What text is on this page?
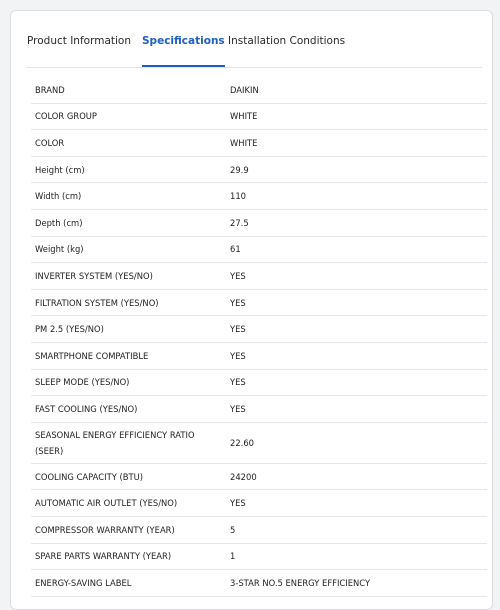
Product Information Specifications Installation Conditions
BRAND	DAIKIN
COLOR GROUP	WHITE
COLOR	WHITE
Height (cm)	29.9
Width (cm)	110
Depth (cm)	27.5
Weight (kg)	61
INVERTER SYSTEM (YES/NO)	YES
FILTRATION SYSTEM (YES/NO)	YES
PM 2.5 (YES/NO)	YES
SMARTPHONE COMPATIBLE	YES
SLEEP MODE (YES/NO)	YES
FAST COOLING (YES/NO)	YES
SEASONAL ENERGY EFFICIENCY RATIO (SEER)	22.60
COOLING CAPACITY (BTU)	24200
AUTOMATIC AIR OUTLET (YES/NO)	YES
COMPRESSOR WARRANTY (YEAR)	5
SPARE PARTS WARRANTY (YEAR)	1
ENERGY-SAVING LABEL	3-STAR NO.5 ENERGY EFFICIENCY
